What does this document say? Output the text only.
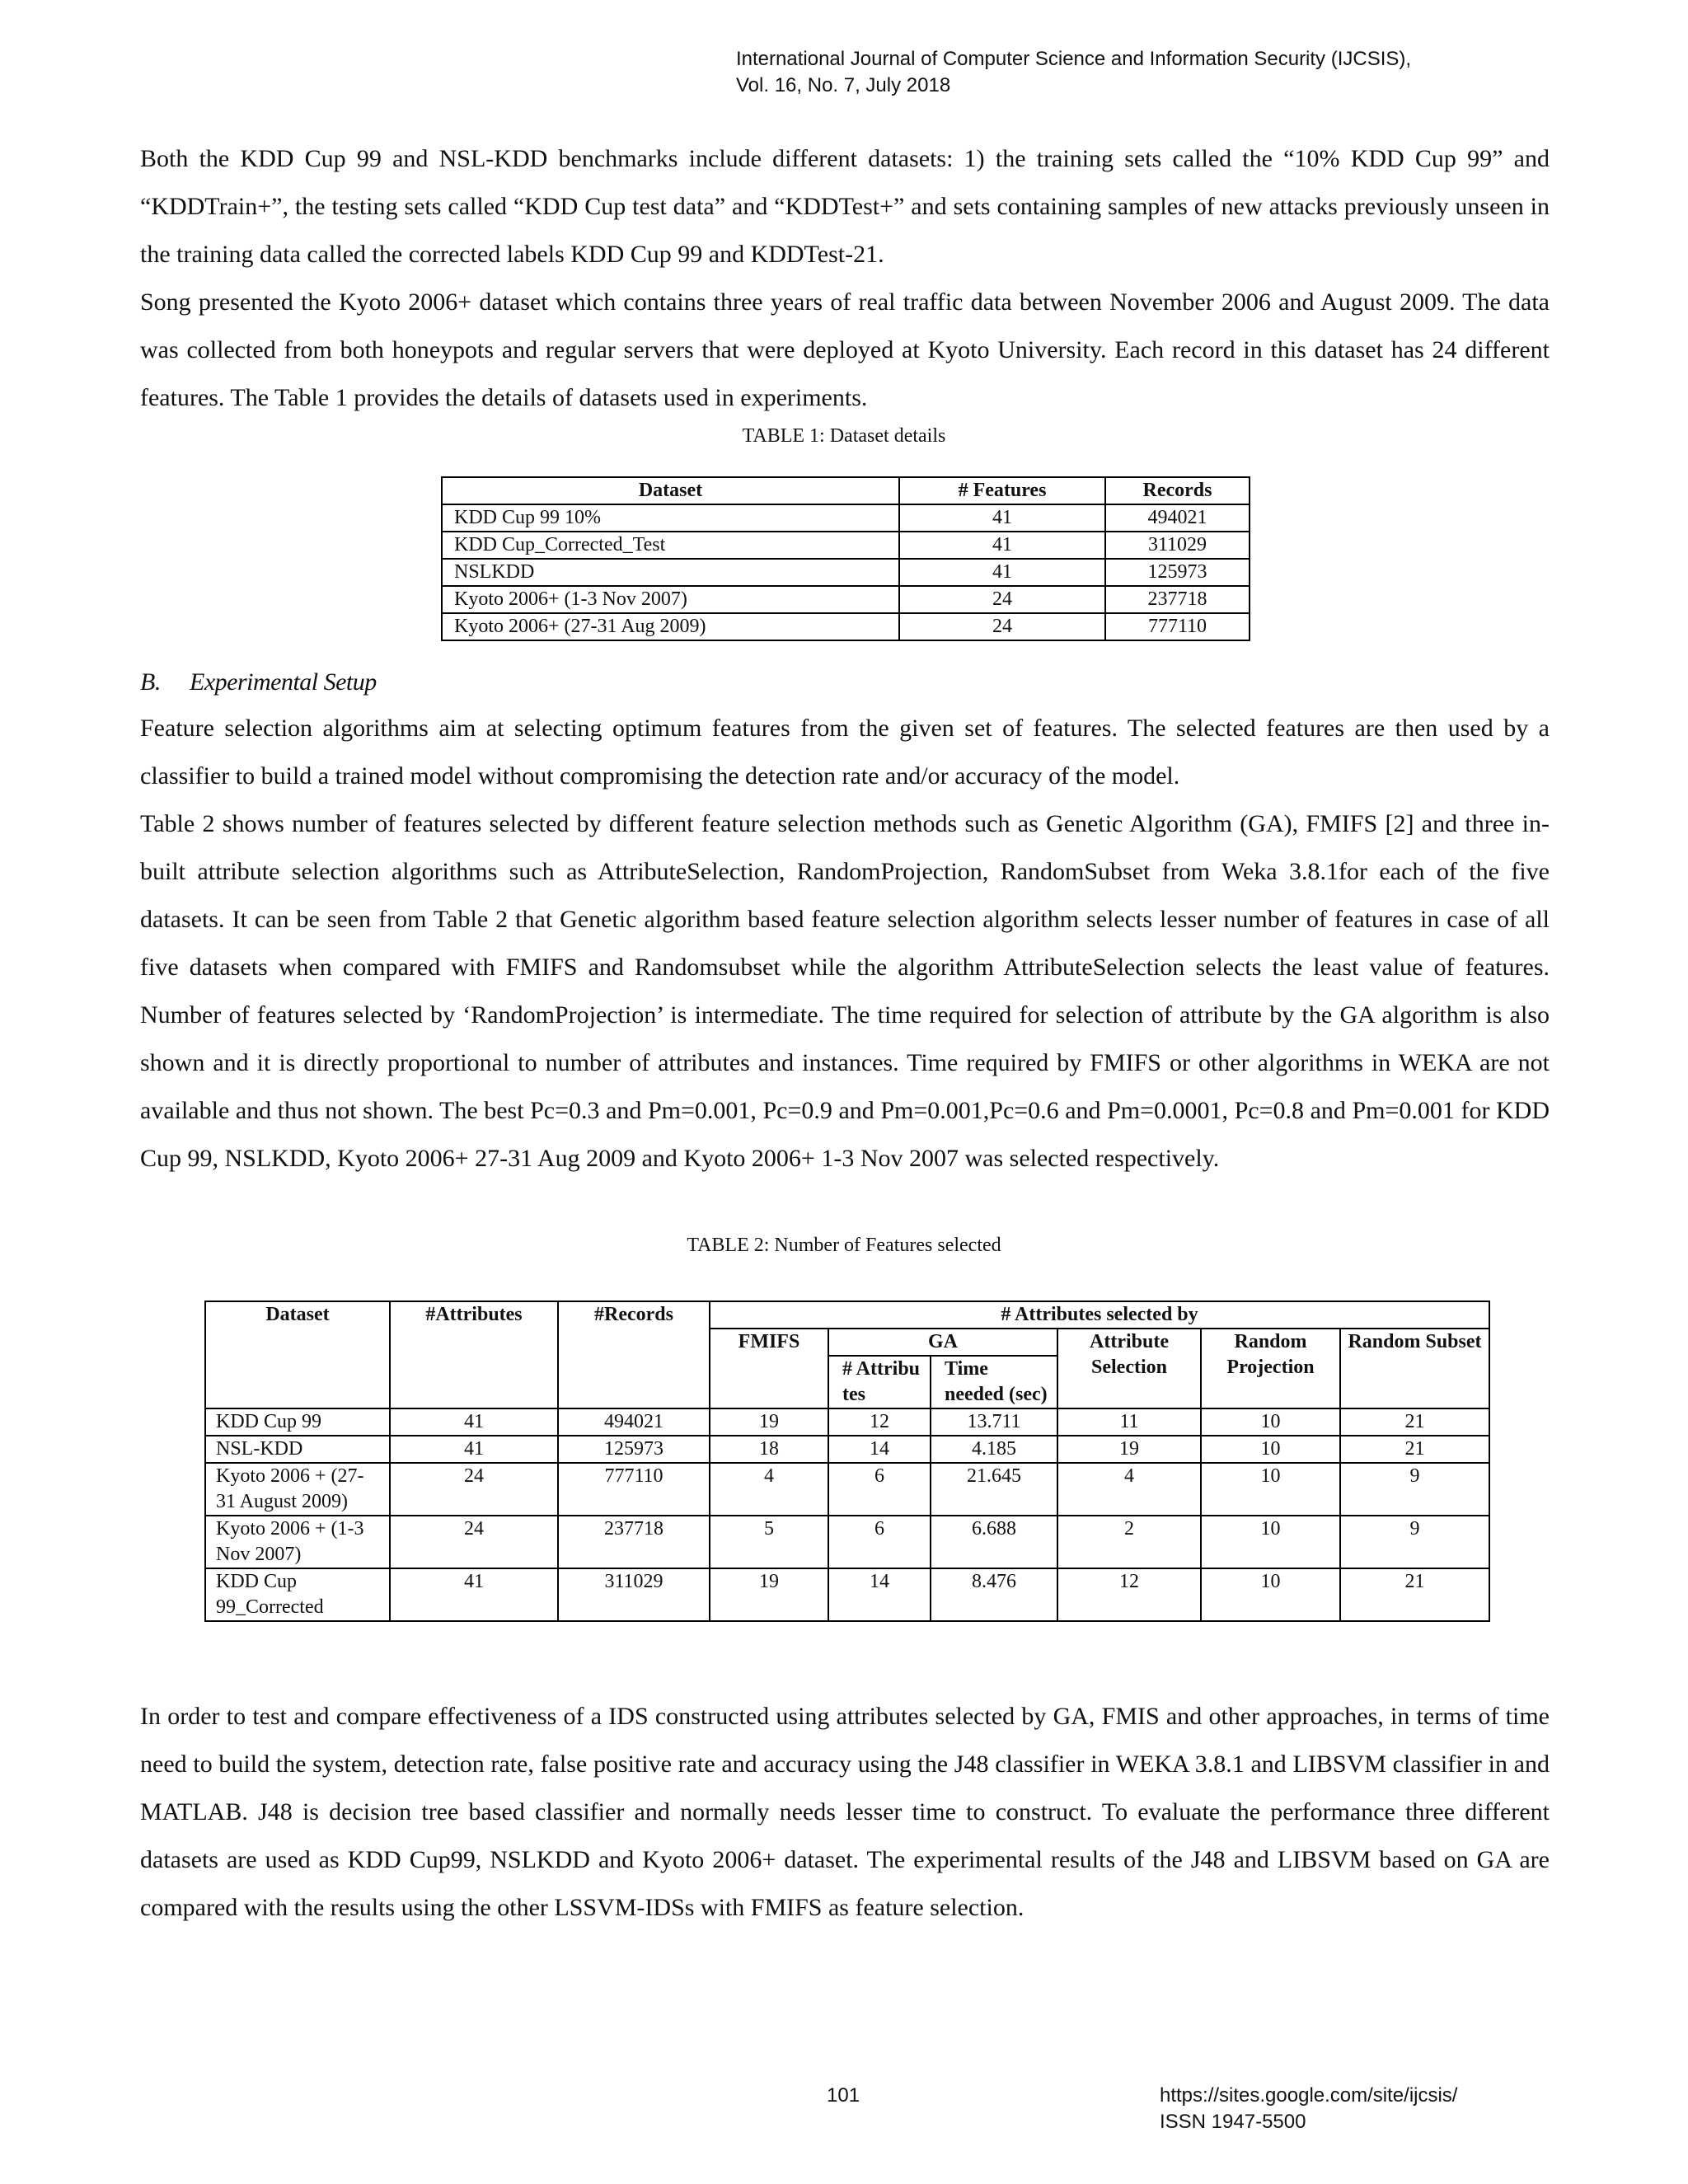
International Journal of Computer Science and Information Security (IJCSIS),
Vol. 16, No. 7, July 2018

Both the KDD Cup 99 and NSL-KDD benchmarks include different datasets: 1) the training sets called the “10% KDD Cup 99” and “KDDTrain+”, the testing sets called “KDD Cup test data” and “KDDTest+” and sets containing samples of new attacks previously unseen in the training data called the corrected labels KDD Cup 99 and KDDTest-21.

Song presented the Kyoto 2006+ dataset which contains three years of real traffic data between November 2006 and August 2009. The data was collected from both honeypots and regular servers that were deployed at Kyoto University. Each record in this dataset has 24 different features. The Table 1 provides the details of datasets used in experiments.

TABLE 1: Dataset details
Dataset	# Features	Records
KDD Cup 99 10%	41	494021
KDD Cup_Corrected_Test	41	311029
NSLKDD	41	125973
Kyoto 2006+ (1-3 Nov 2007)	24	237718
Kyoto 2006+ (27-31 Aug 2009)	24	777110
B. Experimental Setup

Feature selection algorithms aim at selecting optimum features from the given set of features. The selected features are then used by a classifier to build a trained model without compromising the detection rate and/or accuracy of the model.

Table 2 shows number of features selected by different feature selection methods such as Genetic Algorithm (GA), FMIFS [2] and three in-built attribute selection algorithms such as AttributeSelection, RandomProjection, RandomSubset from Weka 3.8.1for each of the five datasets. It can be seen from Table 2 that Genetic algorithm based feature selection algorithm selects lesser number of features in case of all five datasets when compared with FMIFS and Randomsubset while the algorithm AttributeSelection selects the least value of features. Number of features selected by ‘RandomProjection’ is intermediate. The time required for selection of attribute by the GA algorithm is also shown and it is directly proportional to number of attributes and instances. Time required by FMIFS or other algorithms in WEKA are not available and thus not shown. The best Pc=0.3 and Pm=0.001, Pc=0.9 and Pm=0.001,Pc=0.6 and Pm=0.0001, Pc=0.8 and Pm=0.001 for KDD Cup 99, NSLKDD, Kyoto 2006+ 27-31 Aug 2009 and Kyoto 2006+ 1-3 Nov 2007 was selected respectively.

TABLE 2: Number of Features selected
Dataset	#Attributes	#Records	# Attributes selected by					
			FMIFS	GA		Attribute Selection	Random Projection	Random Subset
				# Attribu tes	Time needed (sec)			
KDD Cup 99	41	494021	19	12	13.711	11	10	21
NSL-KDD	41	125973	18	14	4.185	19	10	21
Kyoto 2006 + (27-31 August 2009)	24	777110	4	6	21.645	4	10	9
Kyoto 2006 + (1-3 Nov 2007)	24	237718	5	6	6.688	2	10	9
KDD Cup 99_Corrected	41	311029	19	14	8.476	12	10	21

In order to test and compare effectiveness of a IDS constructed using attributes selected by GA, FMIS and other approaches, in terms of time need to build the system, detection rate, false positive rate and accuracy using the J48 classifier in WEKA 3.8.1 and LIBSVM classifier in and MATLAB. J48 is decision tree based classifier and normally needs lesser time to construct. To evaluate the performance three different datasets are used as KDD Cup99, NSLKDD and Kyoto 2006+ dataset. The experimental results of the J48 and LIBSVM based on GA are compared with the results using the other LSSVM-IDSs with FMIFS as feature selection.

101	https://sites.google.com/site/ijcsis/
ISSN 1947-5500
